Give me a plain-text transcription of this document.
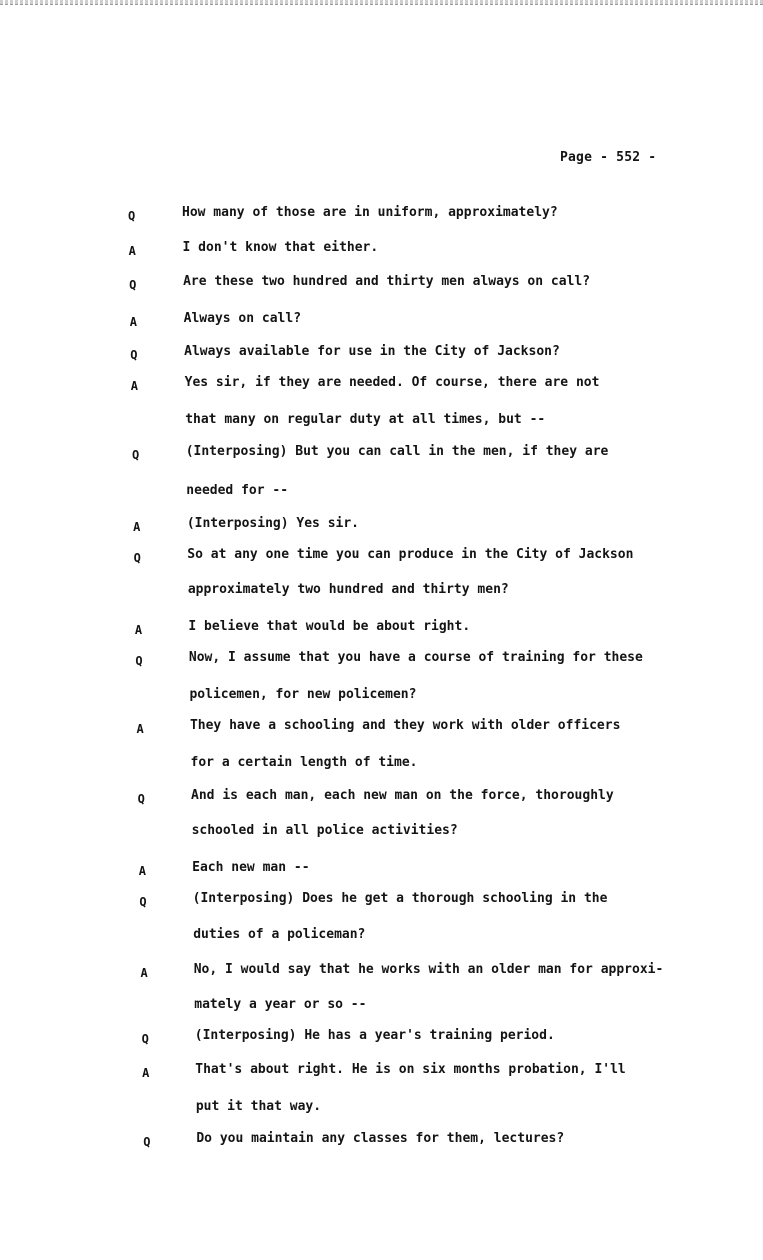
Page - 552 -
Q	How many of those are in uniform, approximately?
A	I don't know that either.
Q	Are these two hundred and thirty men always on call?
A	Always on call?
Q	Always available for use in the City of Jackson?
A	Yes sir, if they are needed. Of course, there are not
that many on regular duty at all times, but --
Q	(Interposing) But you can call in the men, if they are
needed for --
A	(Interposing) Yes sir.
Q	So at any one time you can produce in the City of Jackson
approximately two hundred and thirty men?
A	I believe that would be about right.
Q	Now, I assume that you have a course of training for these
policemen, for new policemen?
A	They have a schooling and they work with older officers
for a certain length of time.
Q	And is each man, each new man on the force, thoroughly
schooled in all police activities?
A	Each new man --
Q	(Interposing) Does he get a thorough schooling in the
duties of a policeman?
A	No, I would say that he works with an older man for approxi-
mately a year or so --
Q	(Interposing) He has a year's training period.
A	That's about right. He is on six months probation, I'll
put it that way.
Q	Do you maintain any classes for them, lectures?
